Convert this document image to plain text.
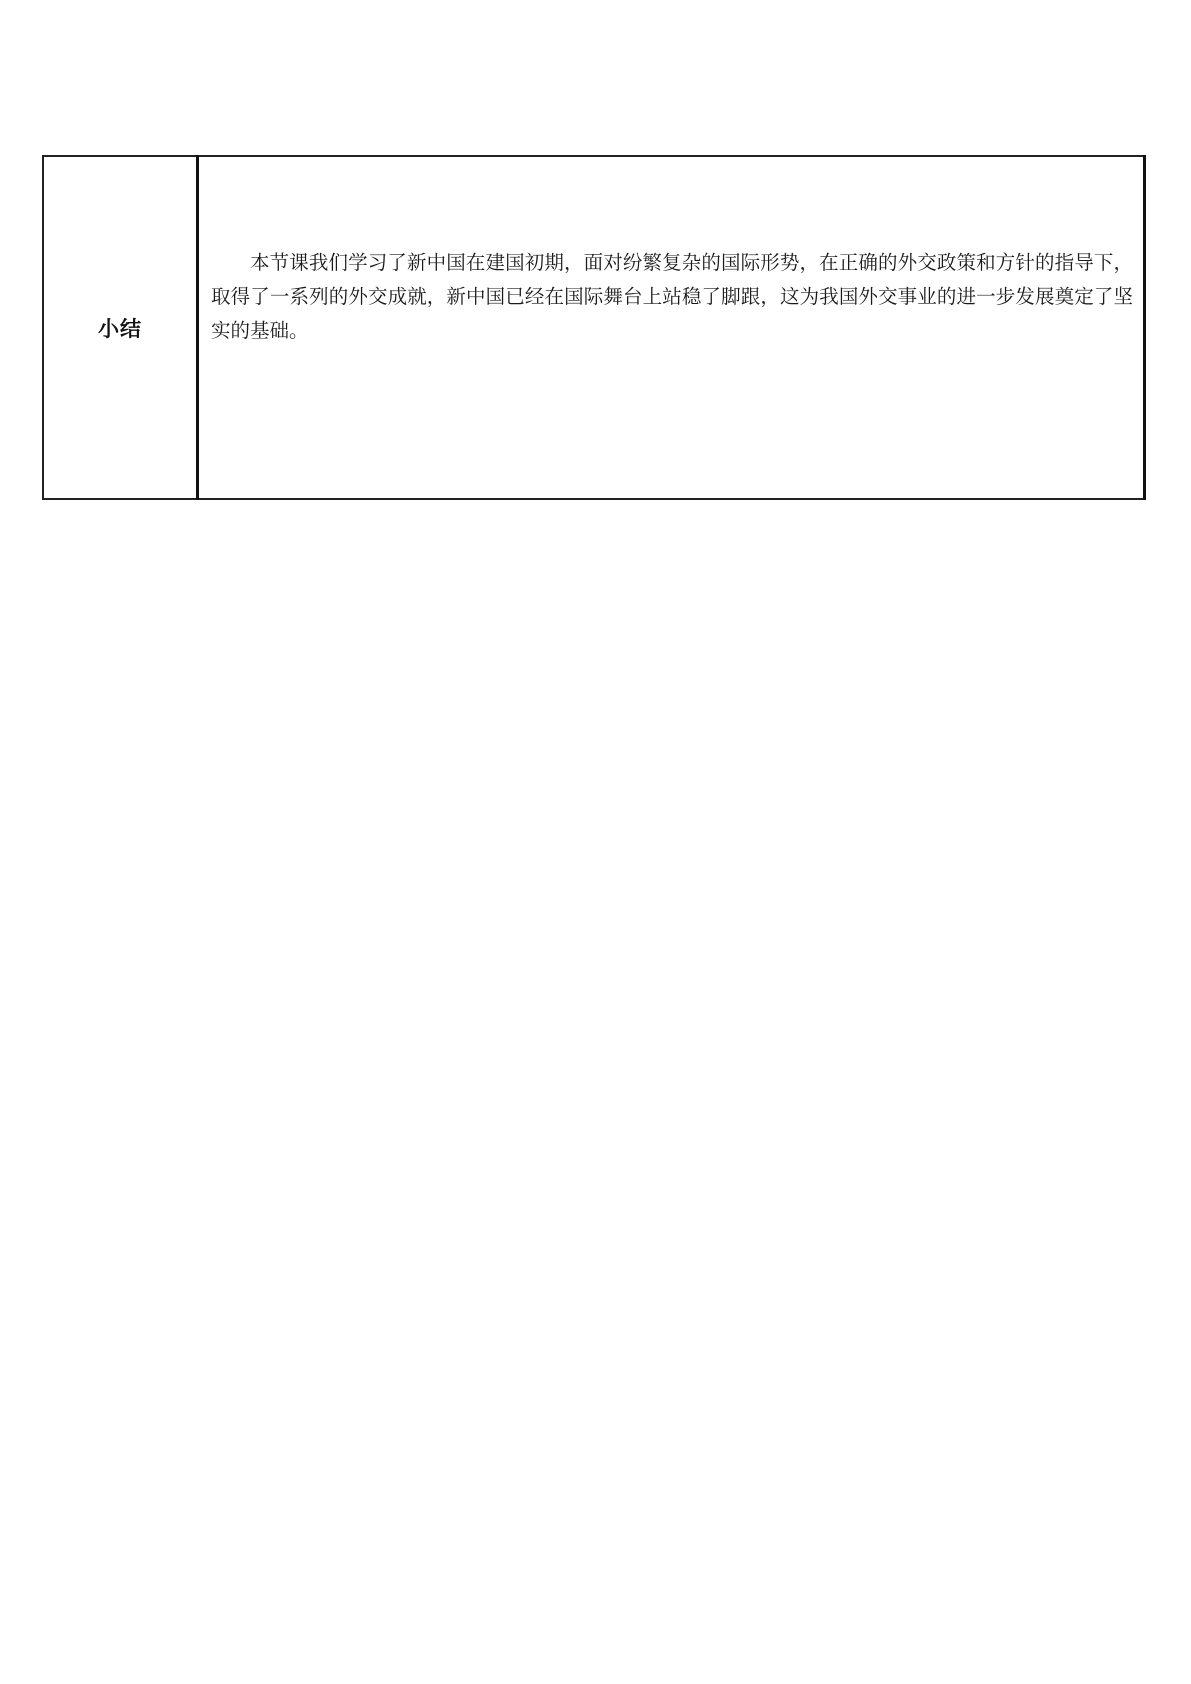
小结	

本节课我们学习了新中国在建国初期，面对纷繁复杂的国际形势，在正确的外交政策和方针的指导下，取得了一系列的外交成就，新中国已经在国际舞台上站稳了脚跟，这为我国外交事业的进一步发展奠定了坚实的基础。
